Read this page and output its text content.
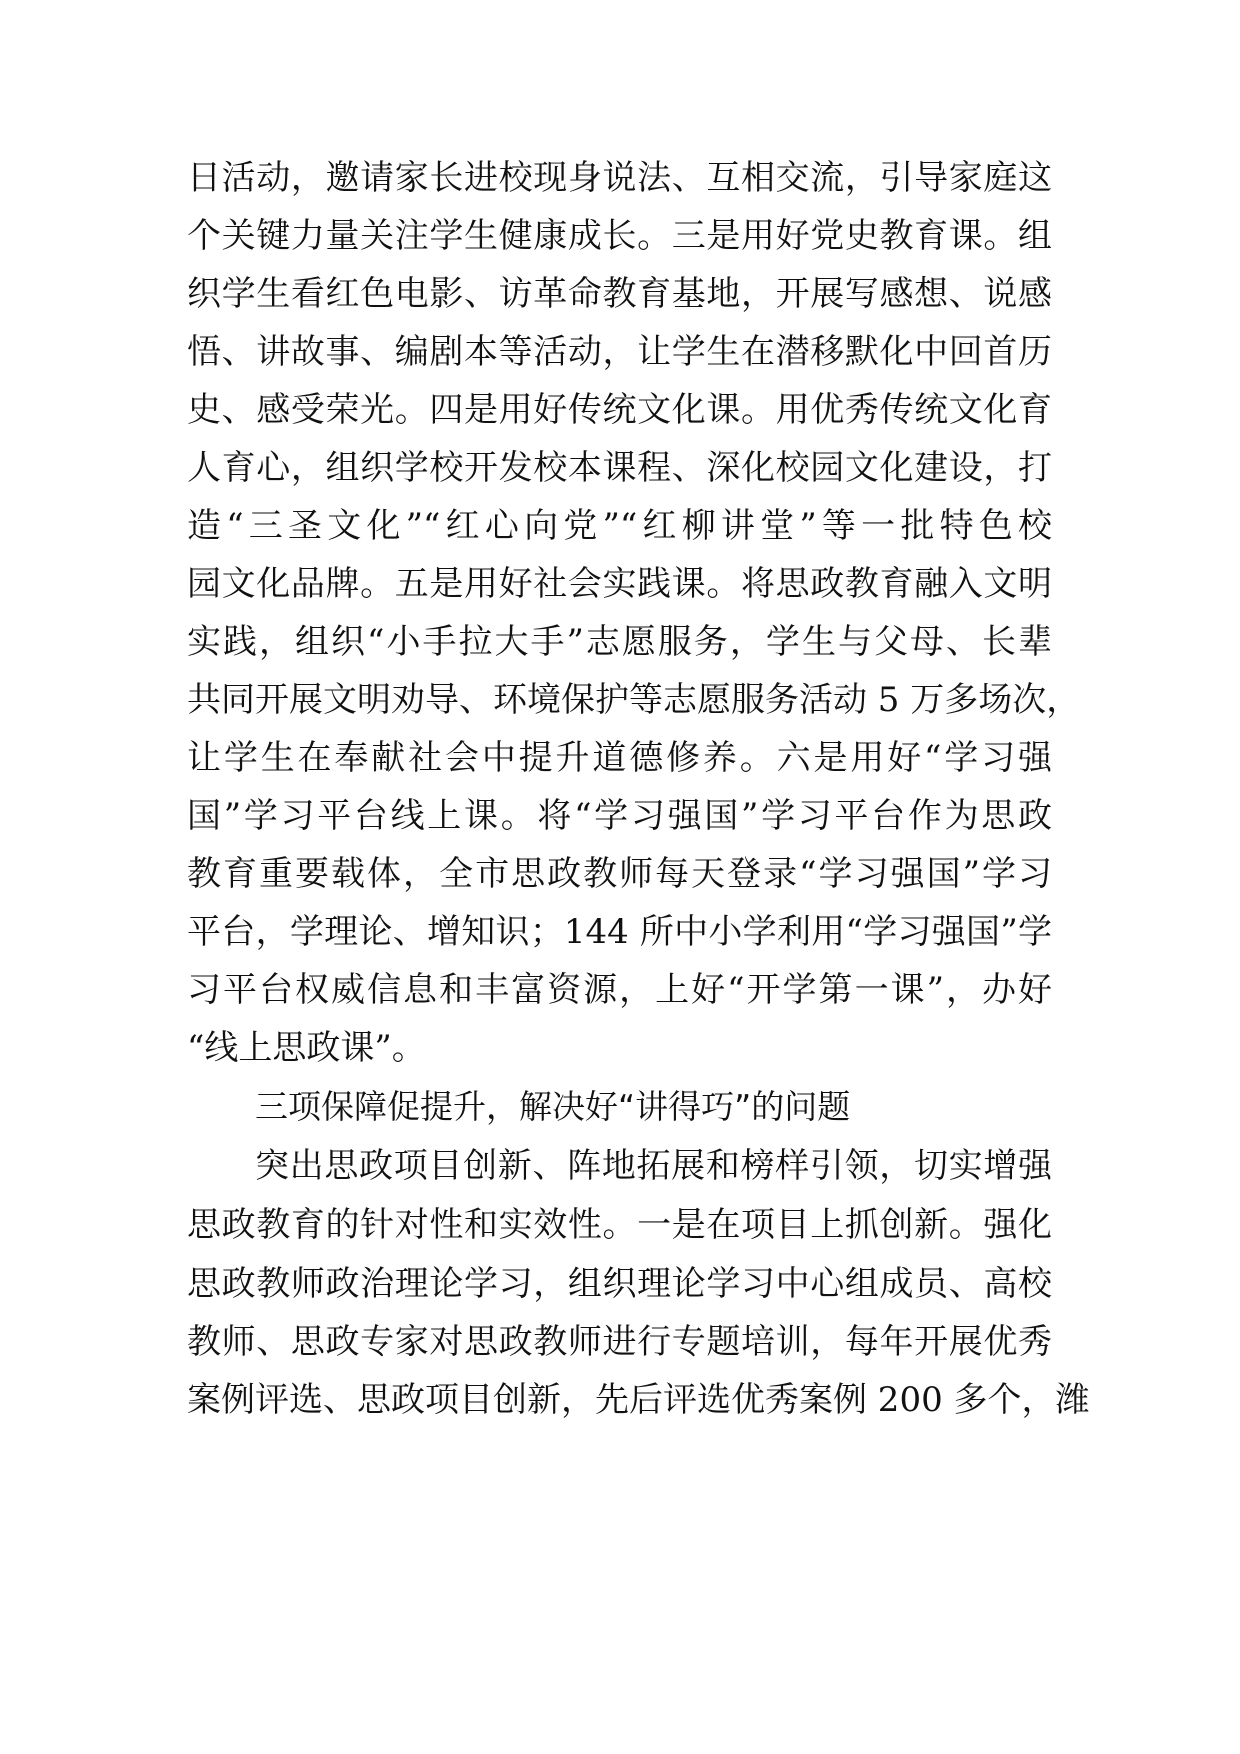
日活动，邀请家长进校现身说法、互相交流，引导家庭这
个关键力量关注学生健康成长。三是用好党史教育课。组
织学生看红色电影、访革命教育基地，开展写感想、说感
悟、讲故事、编剧本等活动，让学生在潜移默化中回首历
史、感受荣光。四是用好传统文化课。用优秀传统文化育
人育心，组织学校开发校本课程、深化校园文化建设，打
造“三圣文化”“红心向党”“红柳讲堂”等一批特色校
园文化品牌。五是用好社会实践课。将思政教育融入文明
实践，组织“小手拉大手”志愿服务，学生与父母、长辈
共同开展文明劝导、环境保护等志愿服务活动 5 万多场次，
让学生在奉献社会中提升道德修养。六是用好“学习强
国”学习平台线上课。将“学习强国”学习平台作为思政
教育重要载体，全市思政教师每天登录“学习强国”学习
平台，学理论、增知识；144 所中小学利用“学习强国”学
习平台权威信息和丰富资源，上好“开学第一课”，办好
“线上思政课”。
三项保障促提升，解决好“讲得巧”的问题
突出思政项目创新、阵地拓展和榜样引领，切实增强
思政教育的针对性和实效性。一是在项目上抓创新。强化
思政教师政治理论学习，组织理论学习中心组成员、高校
教师、思政专家对思政教师进行专题培训，每年开展优秀
案例评选、思政项目创新，先后评选优秀案例 200 多个，潍
